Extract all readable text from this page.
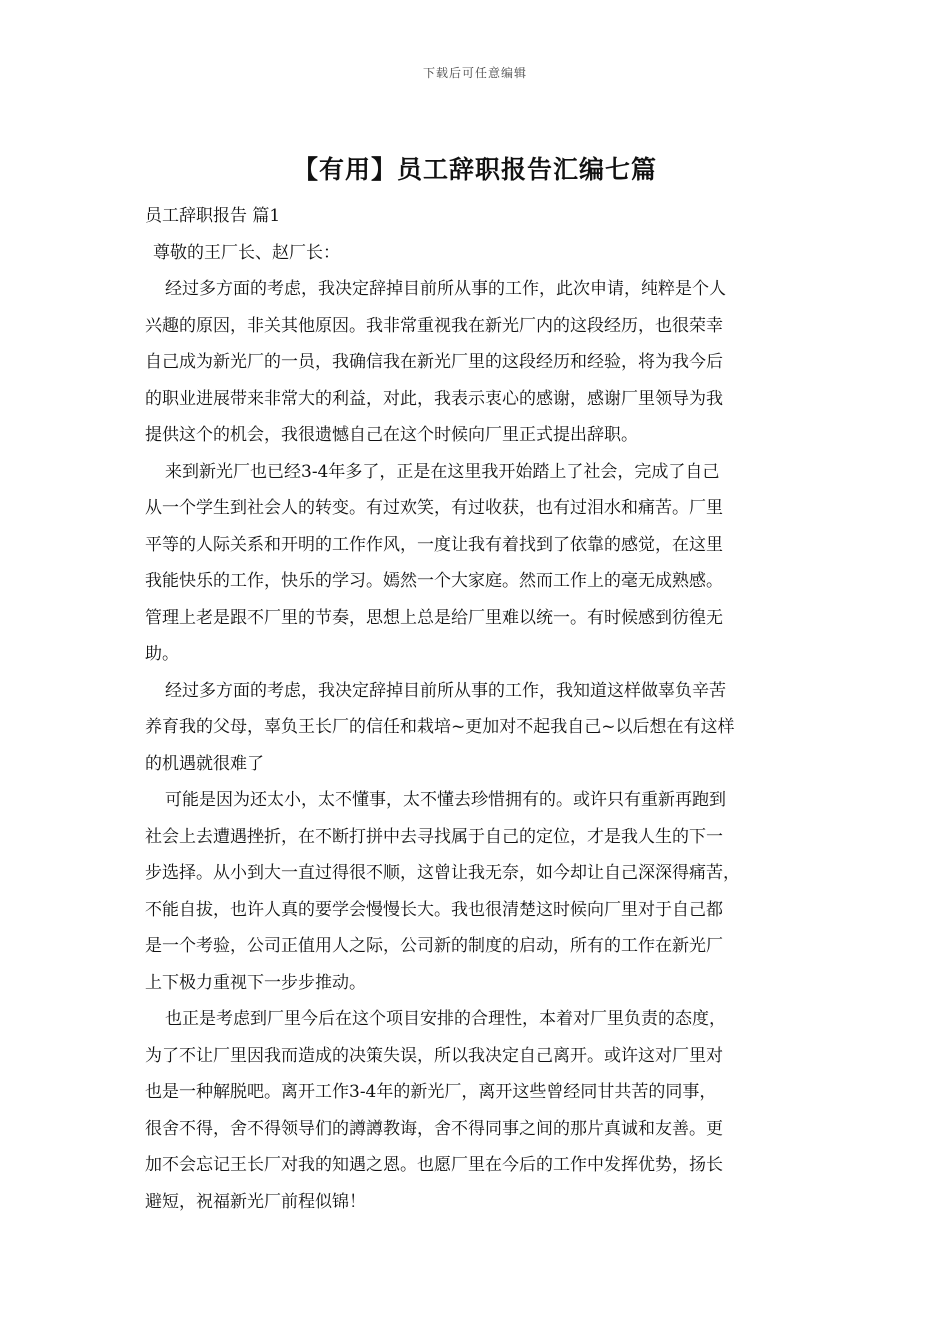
下载后可任意编辑
【有用】员工辞职报告汇编七篇
员工辞职报告 篇1
尊敬的王厂长、赵厂长：
经过多方面的考虑，我决定辞掉目前所从事的工作，此次申请，纯粹是个人
兴趣的原因，非关其他原因。我非常重视我在新光厂内的这段经历，也很荣幸
自己成为新光厂的一员，我确信我在新光厂里的这段经历和经验，将为我今后
的职业进展带来非常大的利益，对此，我表示衷心的感谢，感谢厂里领导为我
提供这个的机会，我很遗憾自己在这个时候向厂里正式提出辞职。
来到新光厂也已经3-4年多了，正是在这里我开始踏上了社会，完成了自己
从一个学生到社会人的转变。有过欢笑，有过收获，也有过泪水和痛苦。厂里
平等的人际关系和开明的工作作风，一度让我有着找到了依靠的感觉，在这里
我能快乐的工作，快乐的学习。嫣然一个大家庭。然而工作上的毫无成熟感。
管理上老是跟不厂里的节奏，思想上总是给厂里难以统一。有时候感到彷徨无
助。
经过多方面的考虑，我决定辞掉目前所从事的工作，我知道这样做辜负辛苦
养育我的父母，辜负王长厂的信任和栽培~更加对不起我自己~以后想在有这样
的机遇就很难了
可能是因为还太小，太不懂事，太不懂去珍惜拥有的。或许只有重新再跑到
社会上去遭遇挫折，在不断打拼中去寻找属于自己的定位，才是我人生的下一
步选择。从小到大一直过得很不顺，这曾让我无奈，如今却让自己深深得痛苦，
不能自拔，也许人真的要学会慢慢长大。我也很清楚这时候向厂里对于自己都
是一个考验，公司正值用人之际，公司新的制度的启动，所有的工作在新光厂
上下极力重视下一步步推动。
也正是考虑到厂里今后在这个项目安排的合理性，本着对厂里负责的态度，
为了不让厂里因我而造成的决策失误，所以我决定自己离开。或许这对厂里对
也是一种解脱吧。离开工作3-4年的新光厂，离开这些曾经同甘共苦的同事，
很舍不得，舍不得领导们的譐譐教诲，舍不得同事之间的那片真诚和友善。更
加不会忘记王长厂对我的知遇之恩。也愿厂里在今后的工作中发挥优势，扬长
避短，祝福新光厂前程似锦！
